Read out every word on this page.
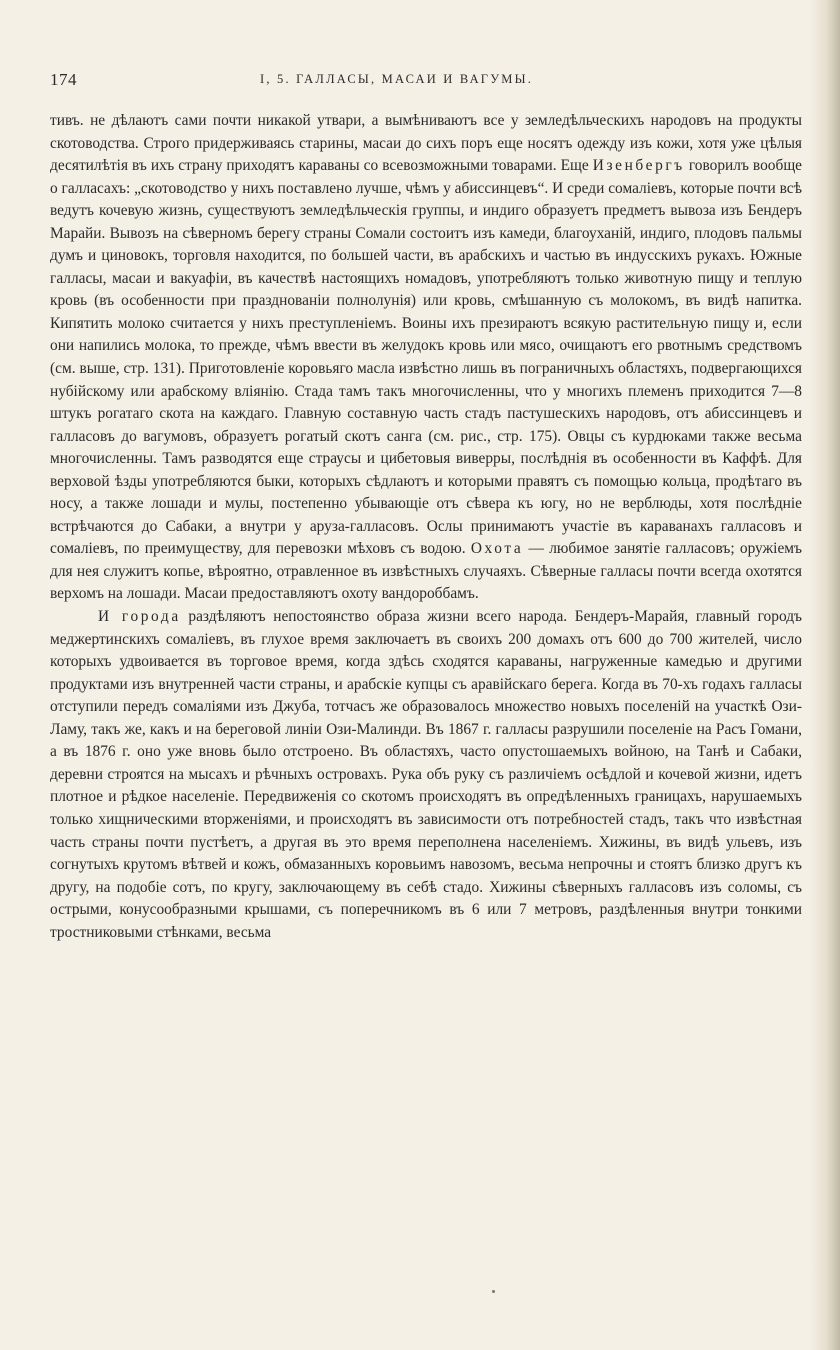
174	I, 5. ГАЛЛАСЫ, МАСАИ И ВАГУМЫ.

тивъ. не дѣлаютъ сами почти никакой утвари, а вымѣниваютъ все у земледѣльческихъ народовъ на продукты скотоводства. Строго придерживаясь старины, масаи до сихъ поръ еще носятъ одежду изъ кожи, хотя уже цѣлыя десятилѣтія въ ихъ страну приходятъ караваны со всевозможными товарами. Еще Изенбергъ говорилъ вообще о галласахъ: „скотоводство у нихъ поставлено лучше, чѣмъ у абиссинцевъ“. И среди сомалiевъ, которые почти всѣ ведутъ кочевую жизнь, существуютъ земледѣльческiя группы, и индиго образуетъ предметъ вывоза изъ Бендеръ Марайи. Вывозъ на сѣверномъ берегу страны Сомали состоитъ изъ камеди, благоуханiй, индиго, плодовъ пальмы думъ и циновокъ, торговля находится, по большей части, въ арабскихъ и частью въ индусскихъ рукахъ. Южные галласы, масаи и вакуафiи, въ качествѣ настоящихъ номадовъ, употребляютъ только животную пищу и теплую кровь (въ особенности при празднованiи полнолунiя) или кровь, смѣшанную съ молокомъ, въ видѣ напитка. Кипятить молоко считается у нихъ преступленiемъ. Воины ихъ презираютъ всякую растительную пищу и, если они напились молока, то прежде, чѣмъ ввести въ желудокъ кровь или мясо, очищаютъ его рвотнымъ средствомъ (см. выше, стр. 131). Приготовленiе коровьяго масла извѣстно лишь въ пограничныхъ областяхъ, подвергающихся нубiйскому или арабскому влiянiю. Стада тамъ такъ многочисленны, что у многихъ племенъ приходится 7—8 штукъ рогатаго скота на каждаго. Главную составную часть стадъ пастушескихъ народовъ, отъ абиссинцевъ и галласовъ до вагумовъ, образуетъ рогатый скотъ санга (см. рис., стр. 175). Овцы съ курдюками также весьма многочисленны. Тамъ разводятся еще страусы и цибетовыя виверры, послѣднiя въ особенности въ Каффѣ. Для верховой ѣзды употребляются быки, которыхъ сѣдлаютъ и которыми правятъ съ помощью кольца, продѣтаго въ носу, а также лошади и мулы, постепенно убывающiе отъ сѣвера къ югу, но не верблюды, хотя послѣднiе встрѣчаются до Сабаки, а внутри у аруза-галласовъ. Ослы принимаютъ участiе въ караванахъ галласовъ и сомалiевъ, по преимуществу, для перевозки мѣховъ съ водою. Охота — любимое занятiе галласовъ; оружiемъ для нея служитъ копье, вѣроятно, отравленное въ извѣстныхъ случаяхъ. Сѣверные галласы почти всегда охотятся верхомъ на лошади. Масаи предоставляютъ охоту вандороббамъ.

И города раздѣляютъ непостоянство образа жизни всего народа. Бендеръ-Марайя, главный городъ меджертинскихъ сомалiевъ, въ глухое время заключаетъ въ своихъ 200 домахъ отъ 600 до 700 жителей, число которыхъ удвоивается въ торговое время, когда здѣсь сходятся караваны, нагруженные камедью и другими продуктами изъ внутренней части страны, и арабскiе купцы съ аравiйскаго берега. Когда въ 70-хъ годахъ галласы отступили передъ сомалiями изъ Джуба, тотчасъ же образовалось множество новыхъ поселенiй на участкѣ Ози-Ламу, такъ же, какъ и на береговой линiи Ози-Малинди. Въ 1867 г. галласы разрушили поселенiе на Расъ Гомани, а въ 1876 г. оно уже вновь было отстроено. Въ областяхъ, часто опустошаемыхъ войною, на Танѣ и Сабаки, деревни строятся на мысахъ и рѣчныхъ островахъ. Рука объ руку съ различiемъ осѣдлой и кочевой жизни, идетъ плотное и рѣдкое населенiе. Передвиженiя со скотомъ происходятъ въ опредѣленныхъ границахъ, нарушаемыхъ только хищническими вторженiями, и происходятъ въ зависимости отъ потребностей стадъ, такъ что извѣстная часть страны почти пустѣетъ, а другая въ это время переполнена населенiемъ. Хижины, въ видѣ ульевъ, изъ согнутыхъ крутомъ вѣтвей и кожъ, обмазанныхъ коровьимъ навозомъ, весьма непрочны и стоятъ близко другъ къ другу, на подобiе сотъ, по кругу, заключающему въ себѣ стадо. Хижины сѣверныхъ галласовъ изъ соломы, съ острыми, конусообразными крышами, съ поперечникомъ въ 6 или 7 метровъ, раздѣленныя внутри тонкими тростниковыми стѣнками, весьма
